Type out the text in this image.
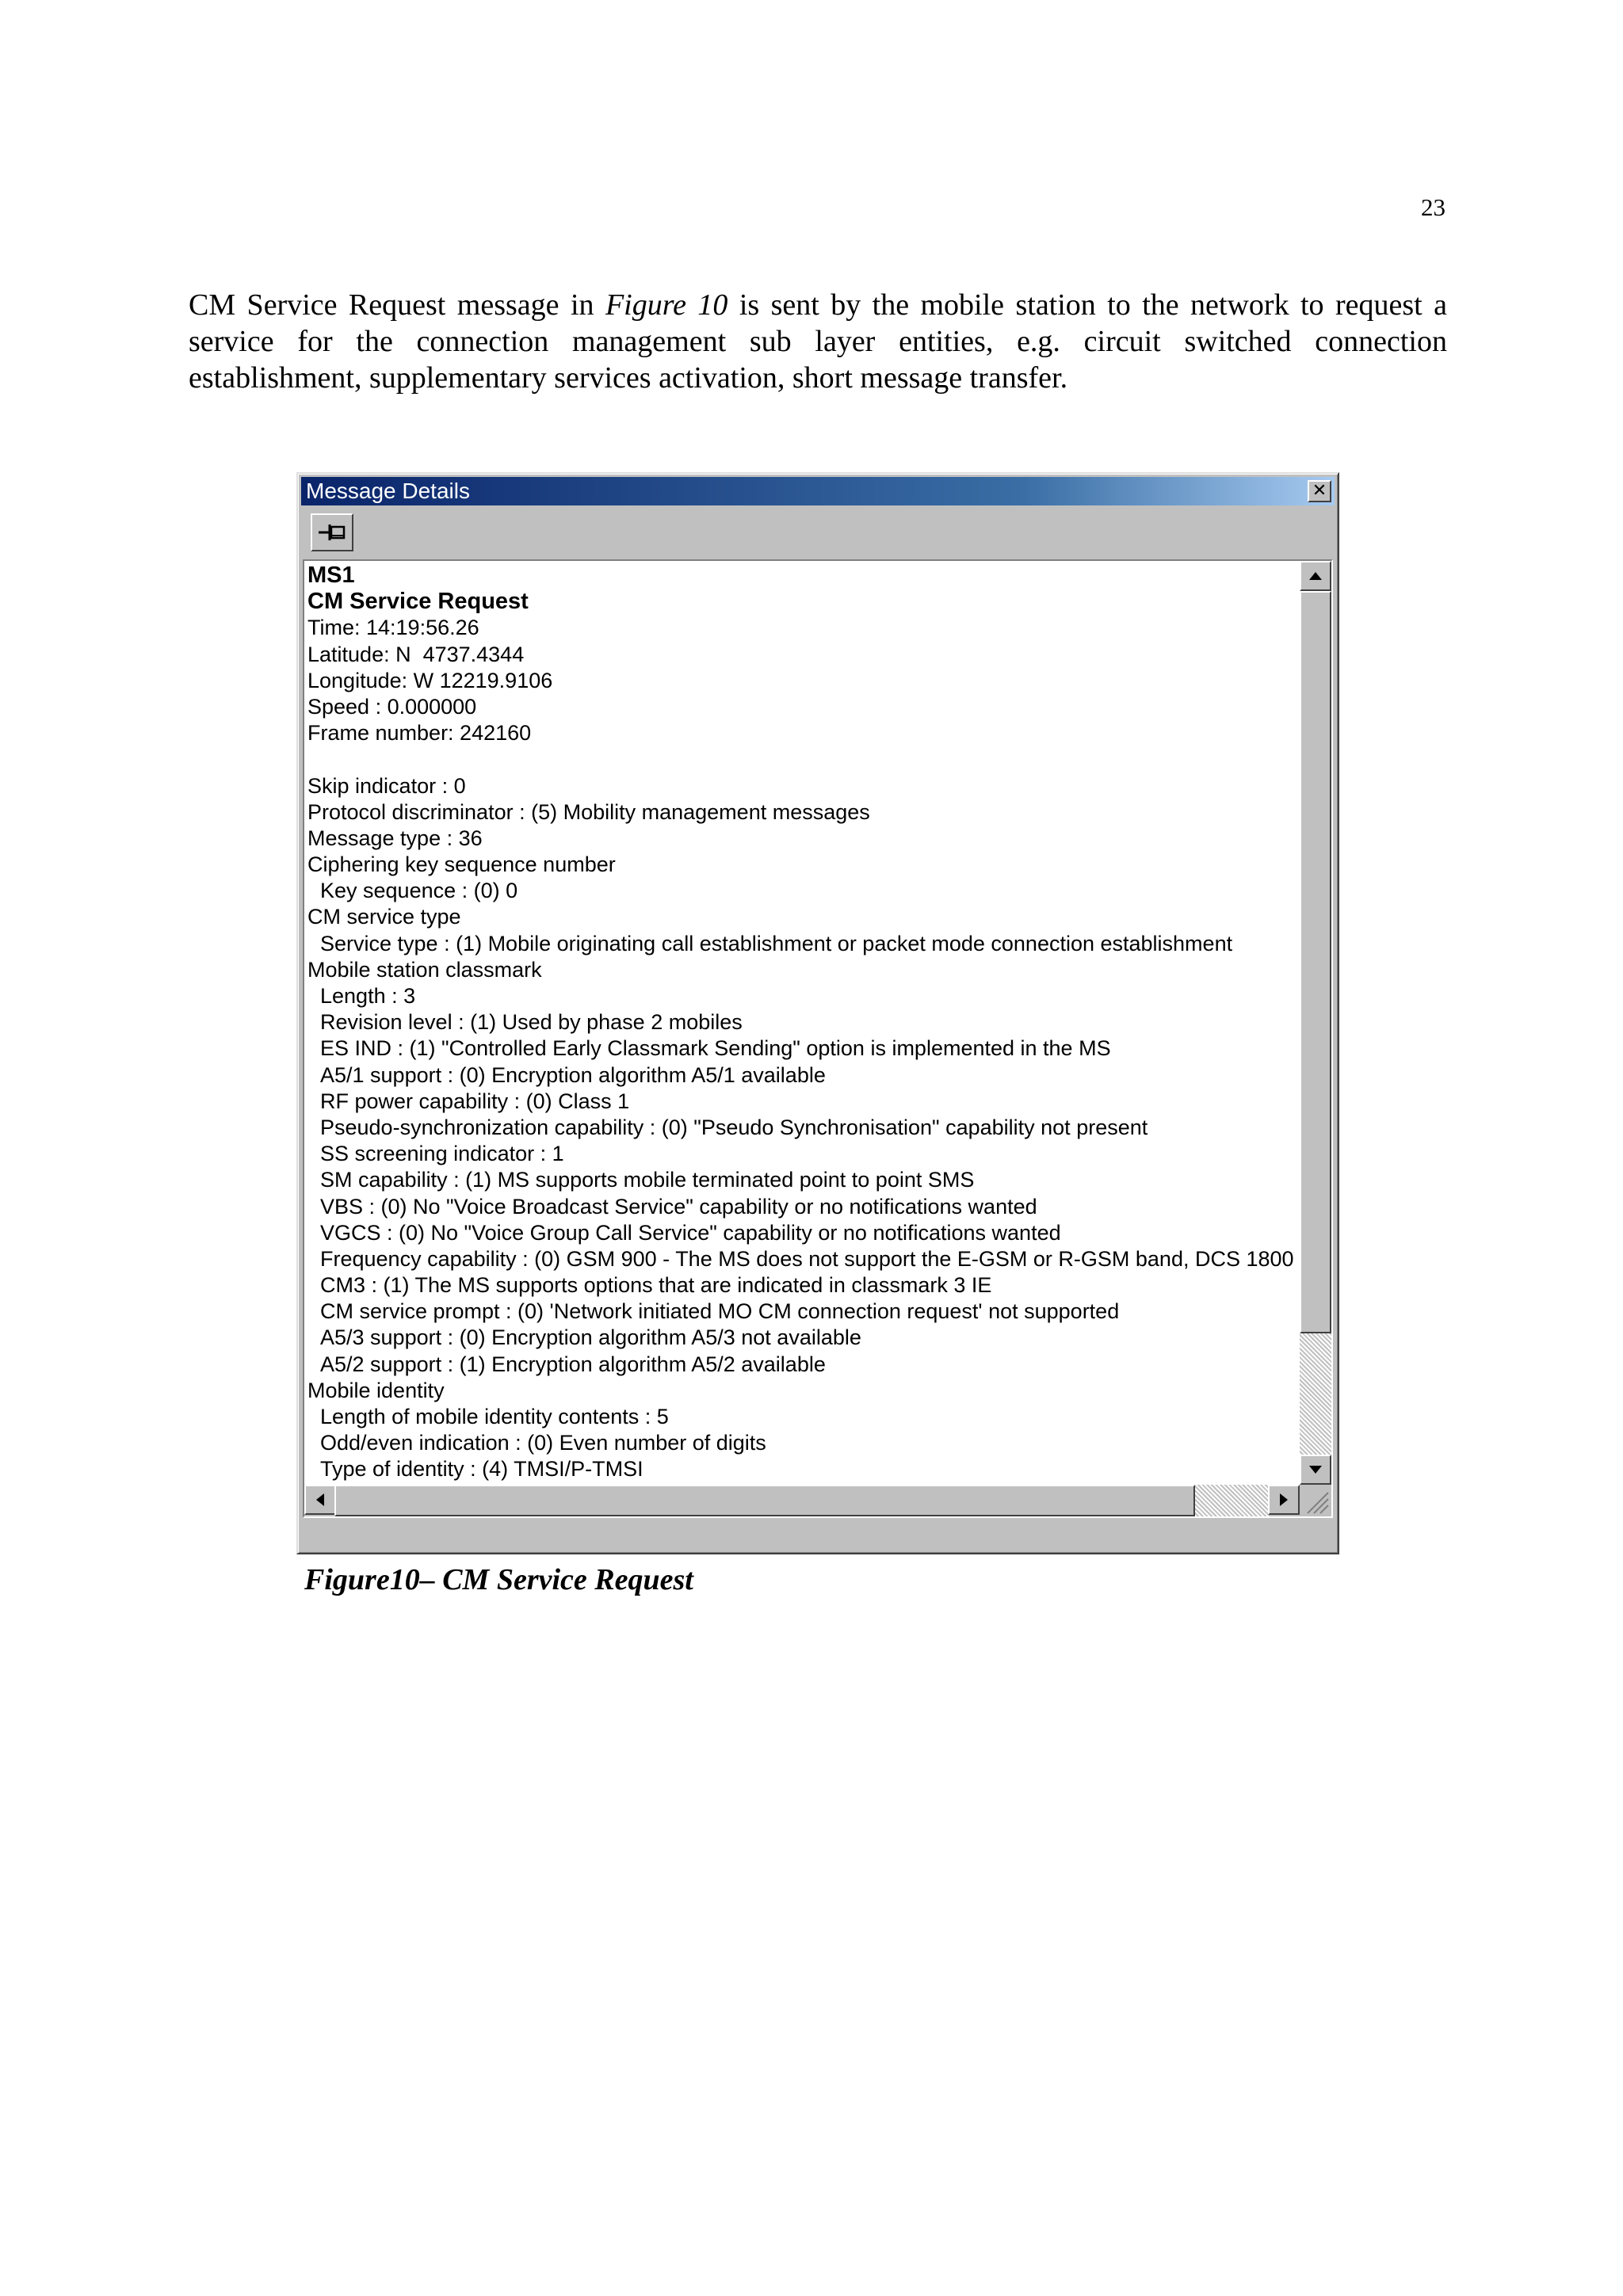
23
CM Service Request message in Figure 10 is sent by the mobile station to the network to request a service for the connection management sub layer entities, e.g. circuit switched connection establishment, supplementary services activation, short message transfer.
Message Details	✕
MS1
CM Service Request
Time: 14:19:56.26
Latitude: N  4737.4344
Longitude: W 12219.9106
Speed : 0.000000
Frame number: 242160
Skip indicator : 0
Protocol discriminator : (5) Mobility management messages
Message type : 36
Ciphering key sequence number
Key sequence : (0) 0
CM service type
Service type : (1) Mobile originating call establishment or packet mode connection establishment
Mobile station classmark
Length : 3
Revision level : (1) Used by phase 2 mobiles
ES IND : (1) "Controlled Early Classmark Sending" option is implemented in the MS
A5/1 support : (0) Encryption algorithm A5/1 available
RF power capability : (0) Class 1
Pseudo-synchronization capability : (0) "Pseudo Synchronisation" capability not present
SS screening indicator : 1
SM capability : (1) MS supports mobile terminated point to point SMS
VBS : (0) No "Voice Broadcast Service" capability or no notifications wanted
VGCS : (0) No "Voice Group Call Service" capability or no notifications wanted
Frequency capability : (0) GSM 900 - The MS does not support the E-GSM or R-GSM band, DCS 1800
CM3 : (1) The MS supports options that are indicated in classmark 3 IE
CM service prompt : (0) 'Network initiated MO CM connection request' not supported
A5/3 support : (0) Encryption algorithm A5/3 not available
A5/2 support : (1) Encryption algorithm A5/2 available
Mobile identity
Length of mobile identity contents : 5
Odd/even indication : (0) Even number of digits
Type of identity : (4) TMSI/P-TMSI
Figure10– CM Service Request
